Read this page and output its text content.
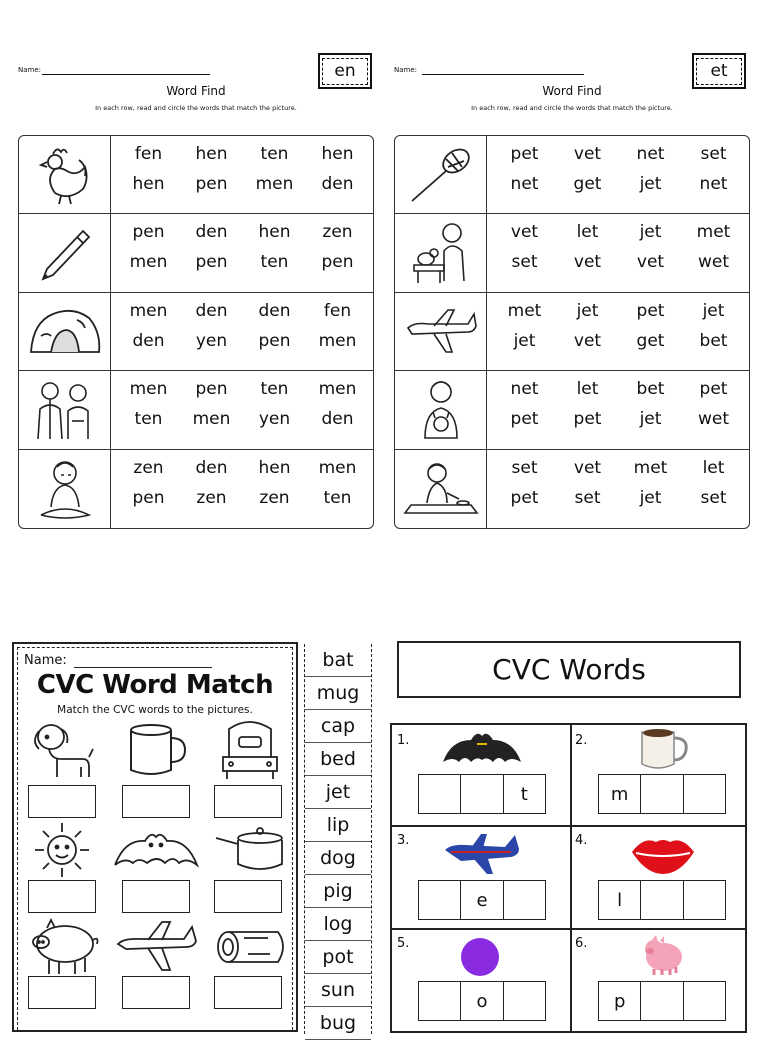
Name:
Word Find
In each row, read and circle the words that match the picture.
en
fen	hen	ten	hen
hen	pen	men	den
pen	den	hen	zen
men	pen	ten	pen
men	den	den	fen
den	yen	pen	men
men	pen	ten	men
ten	men	yen	den
zen	den	hen	men
pen	zen	zen	ten
Name:
Word Find
In each row, read and circle the words that match the picture.
et
pet	vet	net	set
net	get	jet	net
vet	let	jet	met
set	vet	vet	wet
met	jet	pet	jet
jet	vet	get	bet
net	let	bet	pet
pet	pet	jet	wet
set	vet	met	let
pet	set	jet	set
Name:
CVC Word Match
Match the CVC words to the pictures.
bat
mug
cap
bed
jet
lip
dog
pig
log
pot
sun
bug
CVC Words
1.
t
2.
m
3.
e
4.
l
5.
o
6.
p
